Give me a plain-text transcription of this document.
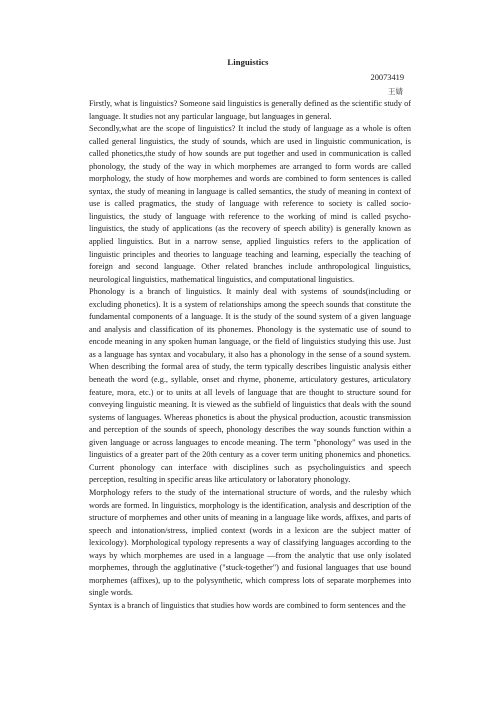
Linguistics
20073419
王婧

Firstly, what is linguistics? Someone said linguistics is generally defined as the scientific study of language. It studies not any particular language, but languages in general.

Secondly,what are the scope of linguistics? It includ the study of language as a whole is often called general linguistics, the study of sounds, which are used in linguistic communication, is called phonetics,the study of how sounds are put together and used in communication is called phonology, the study of the way in which morphemes are arranged to form words are called morphology, the study of how morphemes and words are combined to form sentences is called syntax, the study of meaning in language is called semantics, the study of meaning in context of use is called pragmatics, the study of language with reference to society is called socio-linguistics, the study of language with reference to the working of mind is called psycho-linguistics, the study of applications (as the recovery of speech ability) is generally known as applied linguistics. But in a narrow sense, applied linguistics refers to the application of linguistic principles and theories to language teaching and learning, especially the teaching of foreign and second language. Other related branches include anthropological linguistics, neurological linguistics, mathematical linguistics, and computational linguistics.

Phonology is a branch of linguistics. It mainly deal with systems of sounds(including or excluding phonetics). It is a system of relationships among the speech sounds that constitute the fundamental components of a language. It is the study of the sound system of a given language and analysis and classification of its phonemes. Phonology is the systematic use of sound to encode meaning in any spoken human language, or the field of linguistics studying this use. Just as a language has syntax and vocabulary, it also has a phonology in the sense of a sound system. When describing the formal area of study, the term typically describes linguistic analysis either beneath the word (e.g., syllable, onset and rhyme, phoneme, articulatory gestures, articulatory feature, mora, etc.) or to units at all levels of language that are thought to structure sound for conveying linguistic meaning. It is viewed as the subfield of linguistics that deals with the sound systems of languages. Whereas phonetics is about the physical production, acoustic transmission and perception of the sounds of speech, phonology describes the way sounds function within a given language or across languages to encode meaning. The term "phonology" was used in the linguistics of a greater part of the 20th century as a cover term uniting phonemics and phonetics. Current phonology can interface with disciplines such as psycholinguistics and speech perception, resulting in specific areas like articulatory or laboratory phonology.

Morphology refers to the study of the international structure of words, and the rulesby which words are formed. In linguistics, morphology is the identification, analysis and description of the structure of morphemes and other units of meaning in a language like words, affixes, and parts of speech and intonation/stress, implied context (words in a lexicon are the subject matter of lexicology). Morphological typology represents a way of classifying languages according to the ways by which morphemes are used in a language —from the analytic that use only isolated morphemes, through the agglutinative ("stuck-together") and fusional languages that use bound morphemes (affixes), up to the polysynthetic, which compress lots of separate morphemes into single words.

Syntax is a branch of linguistics that studies how words are combined to form sentences and the
